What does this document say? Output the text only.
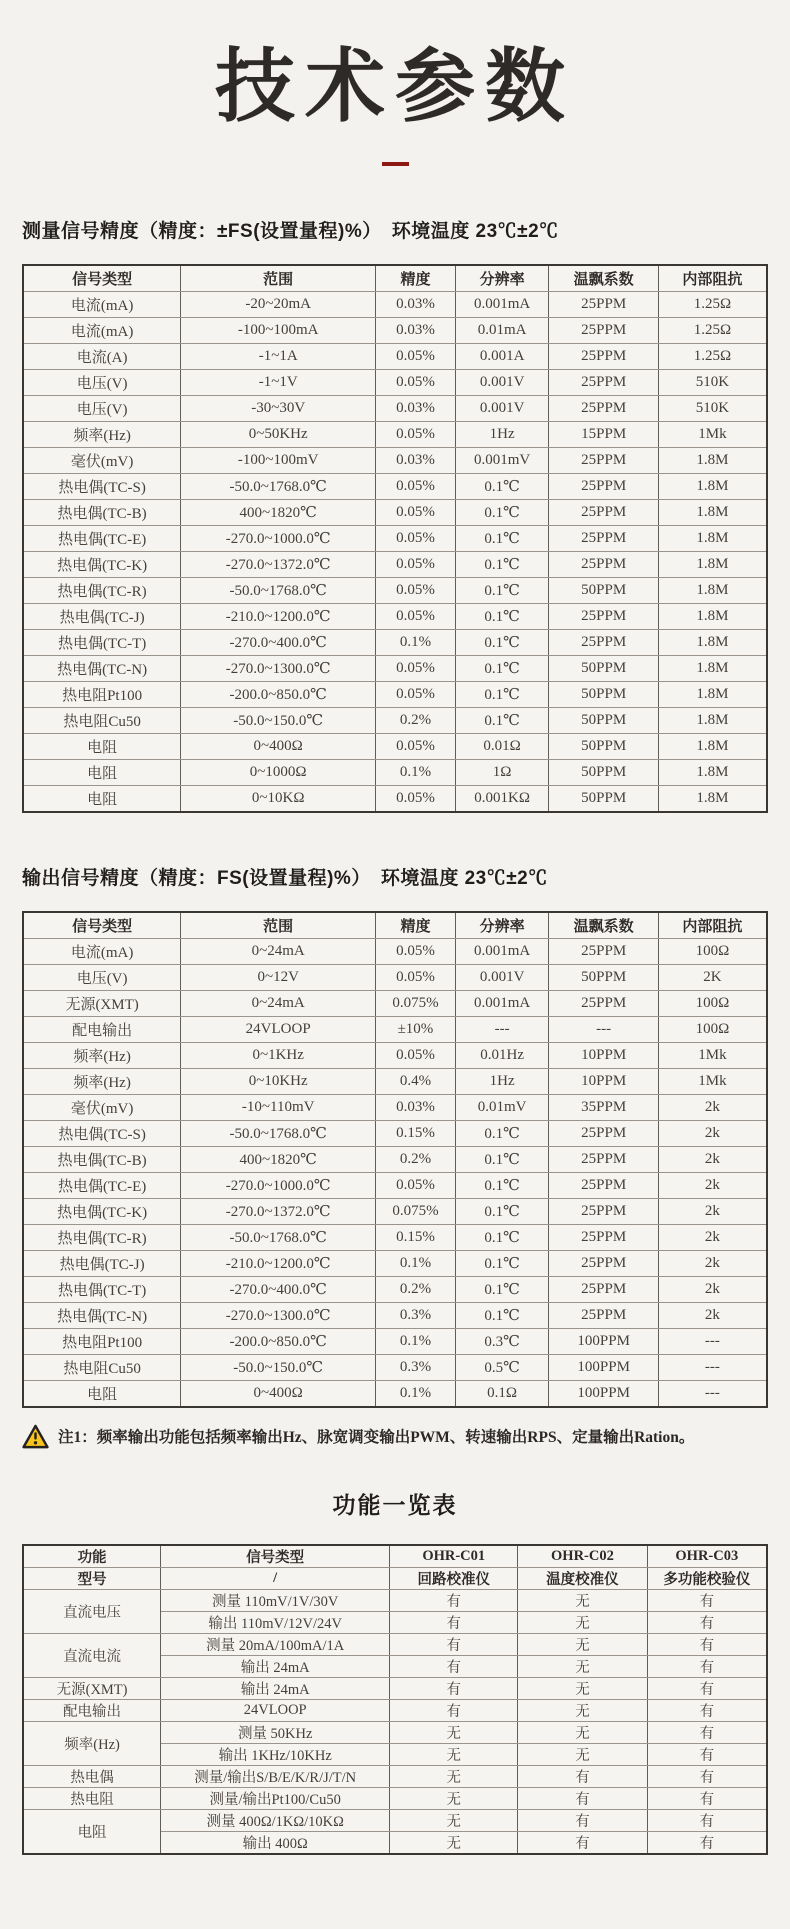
技术参数
测量信号精度（精度：±FS(设置量程)%）　环境温度 23℃±2℃
信号类型	范围	精度	分辨率	温飘系数	内部阻抗
电流(mA)	-20~20mA	0.03%	0.001mA	25PPM	1.25Ω
电流(mA)	-100~100mA	0.03%	0.01mA	25PPM	1.25Ω
电流(A)	-1~1A	0.05%	0.001A	25PPM	1.25Ω
电压(V)	-1~1V	0.05%	0.001V	25PPM	510K
电压(V)	-30~30V	0.03%	0.001V	25PPM	510K
频率(Hz)	0~50KHz	0.05%	1Hz	15PPM	1Mk
毫伏(mV)	-100~100mV	0.03%	0.001mV	25PPM	1.8M
热电偶(TC-S)	-50.0~1768.0℃	0.05%	0.1℃	25PPM	1.8M
热电偶(TC-B)	400~1820℃	0.05%	0.1℃	25PPM	1.8M
热电偶(TC-E)	-270.0~1000.0℃	0.05%	0.1℃	25PPM	1.8M
热电偶(TC-K)	-270.0~1372.0℃	0.05%	0.1℃	25PPM	1.8M
热电偶(TC-R)	-50.0~1768.0℃	0.05%	0.1℃	50PPM	1.8M
热电偶(TC-J)	-210.0~1200.0℃	0.05%	0.1℃	25PPM	1.8M
热电偶(TC-T)	-270.0~400.0℃	0.1%	0.1℃	25PPM	1.8M
热电偶(TC-N)	-270.0~1300.0℃	0.05%	0.1℃	50PPM	1.8M
热电阻Pt100	-200.0~850.0℃	0.05%	0.1℃	50PPM	1.8M
热电阻Cu50	-50.0~150.0℃	0.2%	0.1℃	50PPM	1.8M
电阻	0~400Ω	0.05%	0.01Ω	50PPM	1.8M
电阻	0~1000Ω	0.1%	1Ω	50PPM	1.8M
电阻	0~10KΩ	0.05%	0.001KΩ	50PPM	1.8M
输出信号精度（精度：FS(设置量程)%）　环境温度 23℃±2℃
信号类型	范围	精度	分辨率	温飘系数	内部阻抗
电流(mA)	0~24mA	0.05%	0.001mA	25PPM	100Ω
电压(V)	0~12V	0.05%	0.001V	50PPM	2K
无源(XMT)	0~24mA	0.075%	0.001mA	25PPM	100Ω
配电输出	24VLOOP	±10%	---	---	100Ω
频率(Hz)	0~1KHz	0.05%	0.01Hz	10PPM	1Mk
频率(Hz)	0~10KHz	0.4%	1Hz	10PPM	1Mk
毫伏(mV)	-10~110mV	0.03%	0.01mV	35PPM	2k
热电偶(TC-S)	-50.0~1768.0℃	0.15%	0.1℃	25PPM	2k
热电偶(TC-B)	400~1820℃	0.2%	0.1℃	25PPM	2k
热电偶(TC-E)	-270.0~1000.0℃	0.05%	0.1℃	25PPM	2k
热电偶(TC-K)	-270.0~1372.0℃	0.075%	0.1℃	25PPM	2k
热电偶(TC-R)	-50.0~1768.0℃	0.15%	0.1℃	25PPM	2k
热电偶(TC-J)	-210.0~1200.0℃	0.1%	0.1℃	25PPM	2k
热电偶(TC-T)	-270.0~400.0℃	0.2%	0.1℃	25PPM	2k
热电偶(TC-N)	-270.0~1300.0℃	0.3%	0.1℃	25PPM	2k
热电阻Pt100	-200.0~850.0℃	0.1%	0.3℃	100PPM	---
热电阻Cu50	-50.0~150.0℃	0.3%	0.5℃	100PPM	---
电阻	0~400Ω	0.1%	0.1Ω	100PPM	---
注1：频率输出功能包括频率输出Hz、脉宽调变输出PWM、转速输出RPS、定量输出Ration。
功能一览表
功能	信号类型	OHR-C01	OHR-C02	OHR-C03
型号	/	回路校准仪	温度校准仪	多功能校验仪
直流电压	测量 110mV/1V/30V	有	无	有
	输出 110mV/12V/24V	有	无	有
直流电流	测量 20mA/100mA/1A	有	无	有
	输出 24mA	有	无	有
无源(XMT)	输出 24mA	有	无	有
配电输出	24VLOOP	有	无	有
频率(Hz)	测量 50KHz	无	无	有
	输出 1KHz/10KHz	无	无	有
热电偶	测量/输出S/B/E/K/R/J/T/N	无	有	有
热电阻	测量/输出Pt100/Cu50	无	有	有
电阻	测量 400Ω/1KΩ/10KΩ	无	有	有
	输出 400Ω	无	有	有
